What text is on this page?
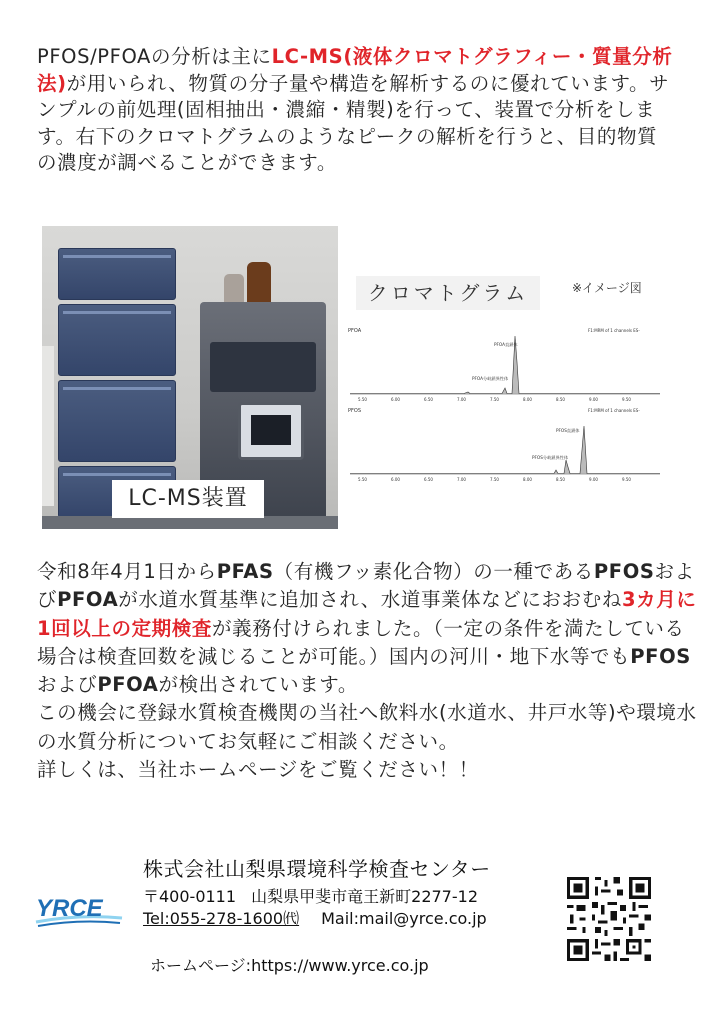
PFOS/PFOAの分析は主にLC-MS(液体クロマトグラフィー・質量分析法)が用いられ、物質の分子量や構造を解析するのに優れています。サンプルの前処理(固相抽出・濃縮・精製)を行って、装置で分析をします。右下のクロマトグラムのようなピークの解析を行うと、目的物質の濃度が調べることができます。

LC-MS装置
クロマトグラム	※イメージ図
PFOA	F1:MRM of 1 channels ES-
PFOA直鎖体
PFOA分岐鎖異性体
5.50	6.00	6.50	7.00	7.50	8.00	8.50	9.00	9.50
PFOS	F1:MRM of 1 channels ES-
PFOS直鎖体
PFOS分岐鎖異性体
5.50	6.00	6.50	7.00	7.50	8.00	8.50	9.00	9.50

令和8年4月1日からPFAS（有機フッ素化合物）の一種であるPFOSおよびPFOAが水道水質基準に追加され、水道事業体などにおおむね3カ月に1回以上の定期検査が義務付けられました。（一定の条件を満たしている場合は検査回数を減じることが可能。）国内の河川・地下水等でもPFOSおよびPFOAが検出されています。

この機会に登録水質検査機関の当社へ飲料水(水道水、井戸水等)や環境水の水質分析についてお気軽にご相談ください。

詳しくは、当社ホームページをご覧ください！！

YRCE
株式会社山梨県環境科学検査センター
〒400-0111 山梨県甲斐市竜王新町2277-12
Tel:055-278-1600㈹ Mail:mail@yrce.co.jp
ホームページ:https://www.yrce.co.jp
